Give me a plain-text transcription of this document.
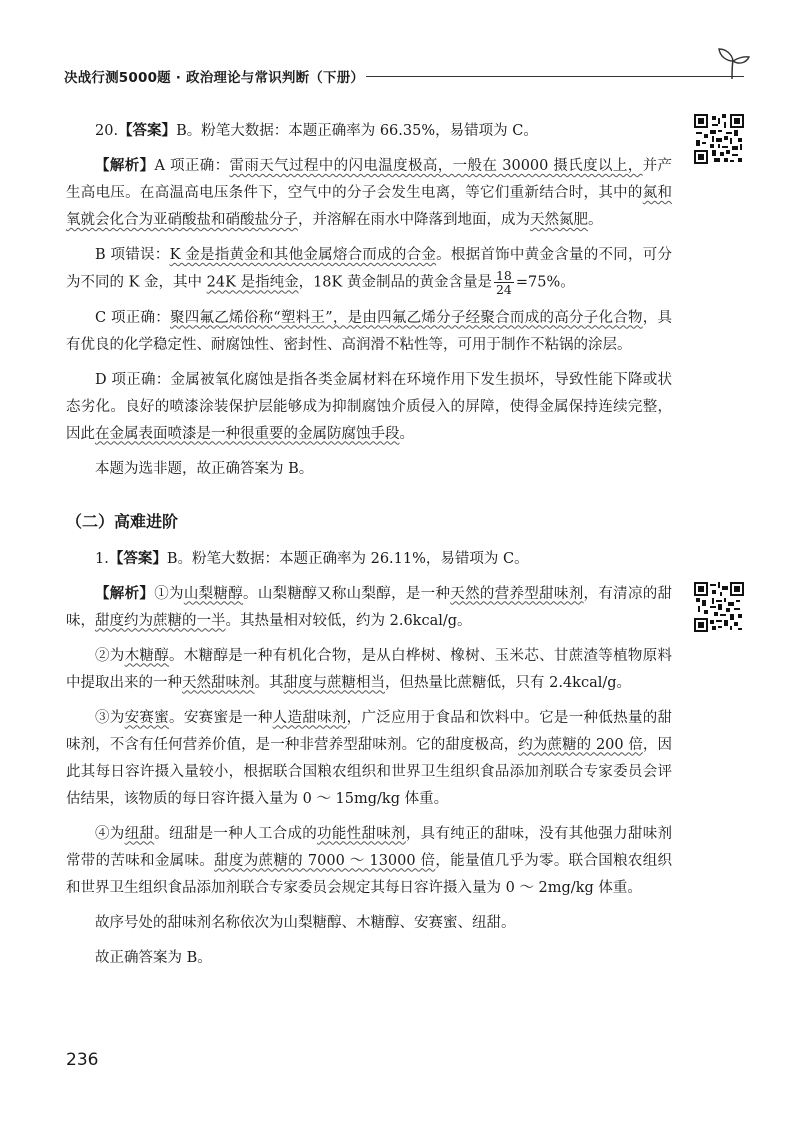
决战行测5000题 · 政治理论与常识判断（下册）

20.【答案】B。粉笔大数据：本题正确率为 66.35%，易错项为 C。

【解析】A 项正确：雷雨天气过程中的闪电温度极高，一般在 30000 摄氏度以上，并产生高电压。在高温高电压条件下，空气中的分子会发生电离，等它们重新结合时，其中的氮和氧就会化合为亚硝酸盐和硝酸盐分子，并溶解在雨水中降落到地面，成为天然氮肥。

B 项错误：K 金是指黄金和其他金属熔合而成的合金。根据首饰中黄金含量的不同，可分为不同的 K 金，其中 24K 是指纯金，18K 黄金制品的黄金含量是 $\frac{18}{24} =75\%$。

C 项正确：聚四氟乙烯俗称“塑料王”，是由四氟乙烯分子经聚合而成的高分子化合物，具有优良的化学稳定性、耐腐蚀性、密封性、高润滑不粘性等，可用于制作不粘锅的涂层。

D 项正确：金属被氧化腐蚀是指各类金属材料在环境作用下发生损坏，导致性能下降或状态劣化。良好的喷漆涂装保护层能够成为抑制腐蚀介质侵入的屏障，使得金属保持连续完整，因此在金属表面喷漆是一种很重要的金属防腐蚀手段。

本题为选非题，故正确答案为 B。

（二）高难进阶

1.【答案】B。粉笔大数据：本题正确率为 26.11%，易错项为 C。

【解析】①为山梨糖醇。山梨糖醇又称山梨醇，是一种天然的营养型甜味剂，有清凉的甜味，甜度约为蔗糖的一半。其热量相对较低，约为 2.6kcal/g。

②为木糖醇。木糖醇是一种有机化合物，是从白桦树、橡树、玉米芯、甘蔗渣等植物原料中提取出来的一种天然甜味剂。其甜度与蔗糖相当，但热量比蔗糖低，只有 2.4kcal/g。

③为安赛蜜。安赛蜜是一种人造甜味剂，广泛应用于食品和饮料中。它是一种低热量的甜味剂，不含有任何营养价值，是一种非营养型甜味剂。它的甜度极高，约为蔗糖的 200 倍，因此其每日容许摄入量较小，根据联合国粮农组织和世界卫生组织食品添加剂联合专家委员会评估结果，该物质的每日容许摄入量为 0 ～ 15mg/kg 体重。

④为纽甜。纽甜是一种人工合成的功能性甜味剂，具有纯正的甜味，没有其他强力甜味剂常带的苦味和金属味。甜度为蔗糖的 7000 ～ 13000 倍，能量值几乎为零。联合国粮农组织和世界卫生组织食品添加剂联合专家委员会规定其每日容许摄入量为 0 ～ 2mg/kg 体重。

故序号处的甜味剂名称依次为山梨糖醇、木糖醇、安赛蜜、纽甜。

故正确答案为 B。

236
